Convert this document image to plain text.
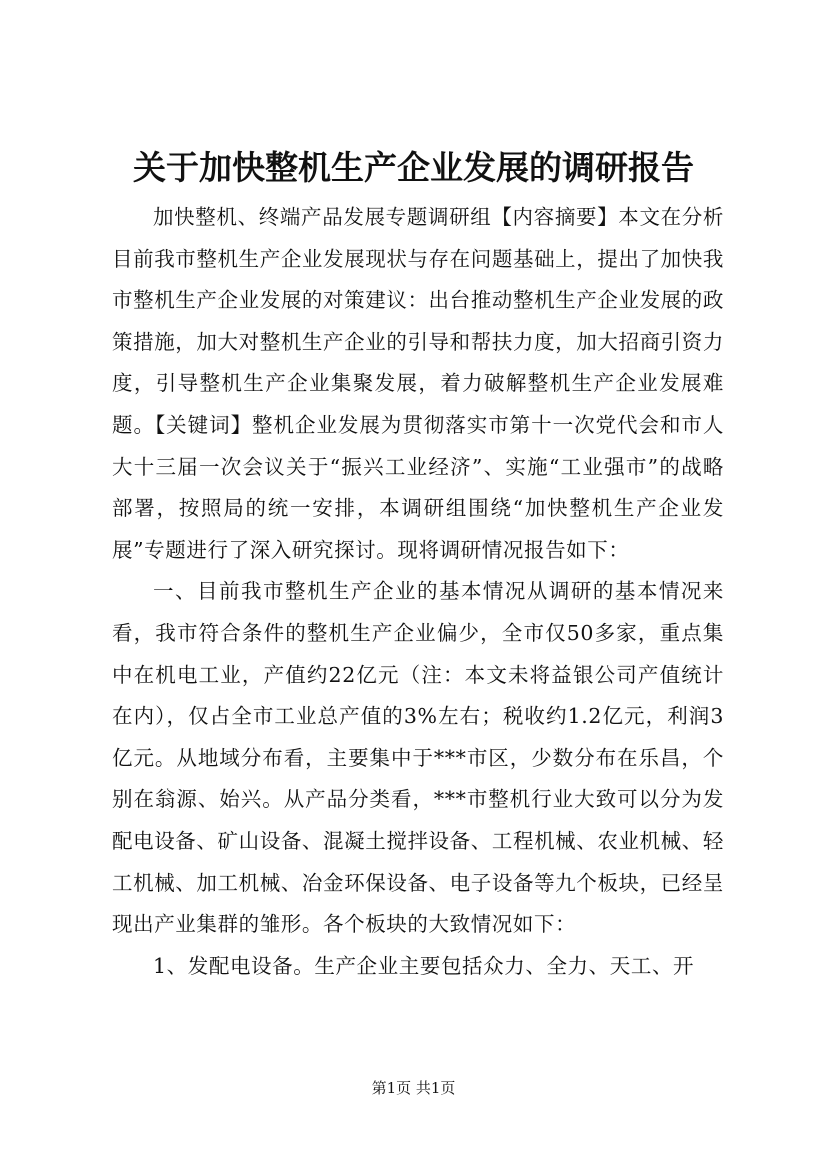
关于加快整机生产企业发展的调研报告

加快整机、终端产品发展专题调研组【内容摘要】本文在分析目前我市整机生产企业发展现状与存在问题基础上，提出了加快我市整机生产企业发展的对策建议：出台推动整机生产企业发展的政策措施，加大对整机生产企业的引导和帮扶力度，加大招商引资力度，引导整机生产企业集聚发展，着力破解整机生产企业发展难题。【关键词】整机企业发展为贯彻落实市第十一次党代会和市人大十三届一次会议关于“振兴工业经济”、实施“工业强市”的战略部署，按照局的统一安排，本调研组围绕“加快整机生产企业发展”专题进行了深入研究探讨。现将调研情况报告如下：

一、目前我市整机生产企业的基本情况从调研的基本情况来看，我市符合条件的整机生产企业偏少，全市仅50多家，重点集中在机电工业，产值约22亿元（注：本文未将益银公司产值统计在内），仅占全市工业总产值的3%左右；税收约1.2亿元，利润3亿元。从地域分布看，主要集中于***市区，少数分布在乐昌，个别在翁源、始兴。从产品分类看，***市整机行业大致可以分为发配电设备、矿山设备、混凝土搅拌设备、工程机械、农业机械、轻工机械、加工机械、冶金环保设备、电子设备等九个板块，已经呈现出产业集群的雏形。各个板块的大致情况如下：

1、发配电设备。生产企业主要包括众力、全力、天工、开

第1页 共1页
